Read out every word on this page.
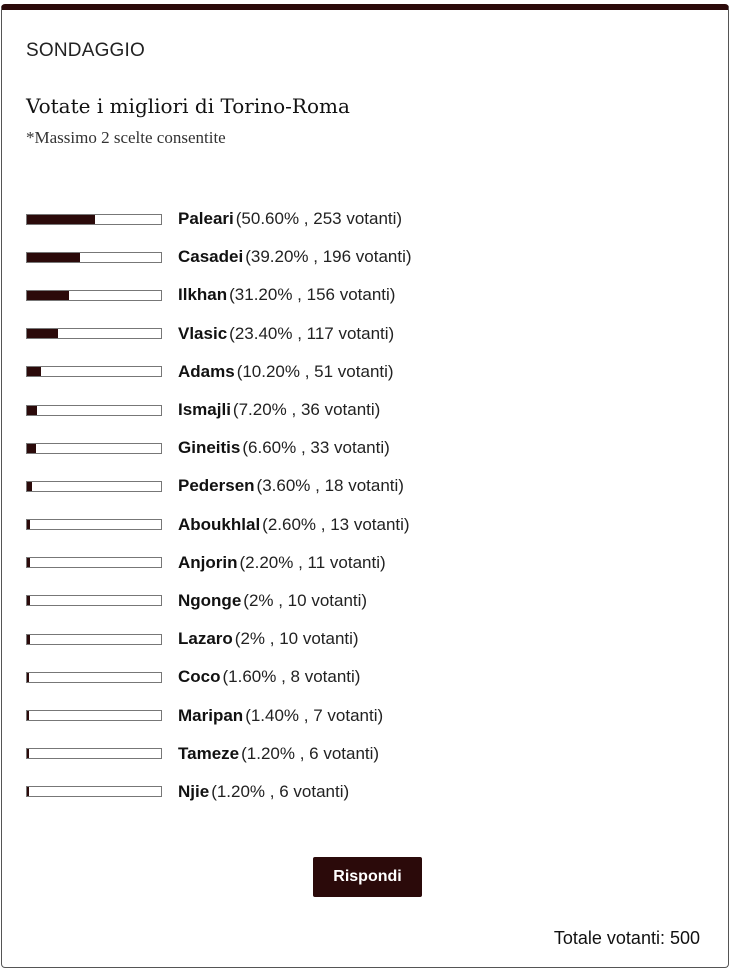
SONDAGGIO
Votate i migliori di Torino-Roma
*Massimo 2 scelte consentite
Paleari (50.60% , 253 votanti)
Casadei (39.20% , 196 votanti)
Ilkhan (31.20% , 156 votanti)
Vlasic (23.40% , 117 votanti)
Adams (10.20% , 51 votanti)
Ismajli (7.20% , 36 votanti)
Gineitis (6.60% , 33 votanti)
Pedersen (3.60% , 18 votanti)
Aboukhlal (2.60% , 13 votanti)
Anjorin (2.20% , 11 votanti)
Ngonge (2% , 10 votanti)
Lazaro (2% , 10 votanti)
Coco (1.60% , 8 votanti)
Maripan (1.40% , 7 votanti)
Tameze (1.20% , 6 votanti)
Njie (1.20% , 6 votanti)
Rispondi
Totale votanti: 500
